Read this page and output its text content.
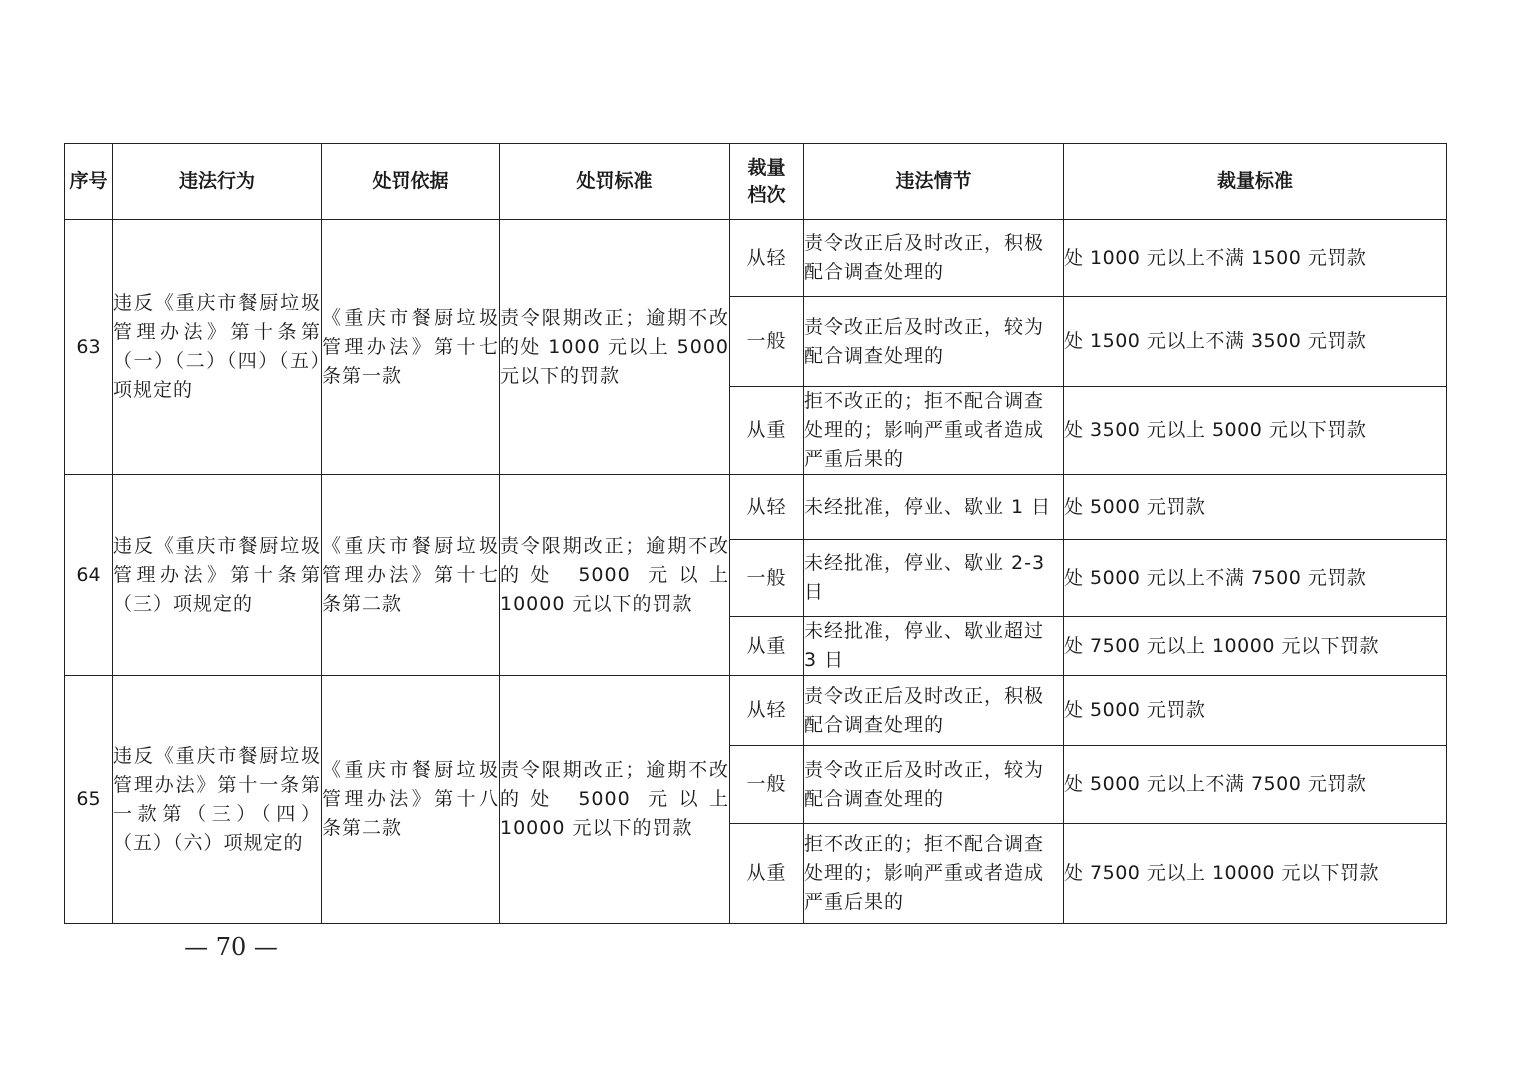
序号	违法行为	处罚依据	处罚标准	裁量档次	违法情节	裁量标准
63	违反《重庆市餐厨垃圾管理办法》第十条第（一）（二）（四）（五）项规定的	《重庆市餐厨垃圾管理办法》第十七条第一款	责令限期改正；逾期不改的处 1000 元以上 5000 元以下的罚款	从轻	责令改正后及时改正，积极配合调查处理的	处 1000 元以上不满 1500 元罚款
				一般	责令改正后及时改正，较为配合调查处理的	处 1500 元以上不满 3500 元罚款
				从重	拒不改正的；拒不配合调查处理的；影响严重或者造成严重后果的	处 3500 元以上 5000 元以下罚款
64	违反《重庆市餐厨垃圾管理办法》第十条第（三）项规定的	《重庆市餐厨垃圾管理办法》第十七条第二款	责令限期改正；逾期不改的处 5000 元以上 10000 元以下的罚款	从轻	未经批准，停业、歇业 1 日	处 5000 元罚款
				一般	未经批准，停业、歇业 2-3 日	处 5000 元以上不满 7500 元罚款
				从重	未经批准，停业、歇业超过 3 日	处 7500 元以上 10000 元以下罚款
65	违反《重庆市餐厨垃圾管理办法》第十一条第一款第（三）（四）（五）（六）项规定的	《重庆市餐厨垃圾管理办法》第十八条第二款	责令限期改正；逾期不改的处 5000 元以上 10000 元以下的罚款	从轻	责令改正后及时改正，积极配合调查处理的	处 5000 元罚款
				一般	责令改正后及时改正，较为配合调查处理的	处 5000 元以上不满 7500 元罚款
				从重	拒不改正的；拒不配合调查处理的；影响严重或者造成严重后果的	处 7500 元以上 10000 元以下罚款
— 70 —
